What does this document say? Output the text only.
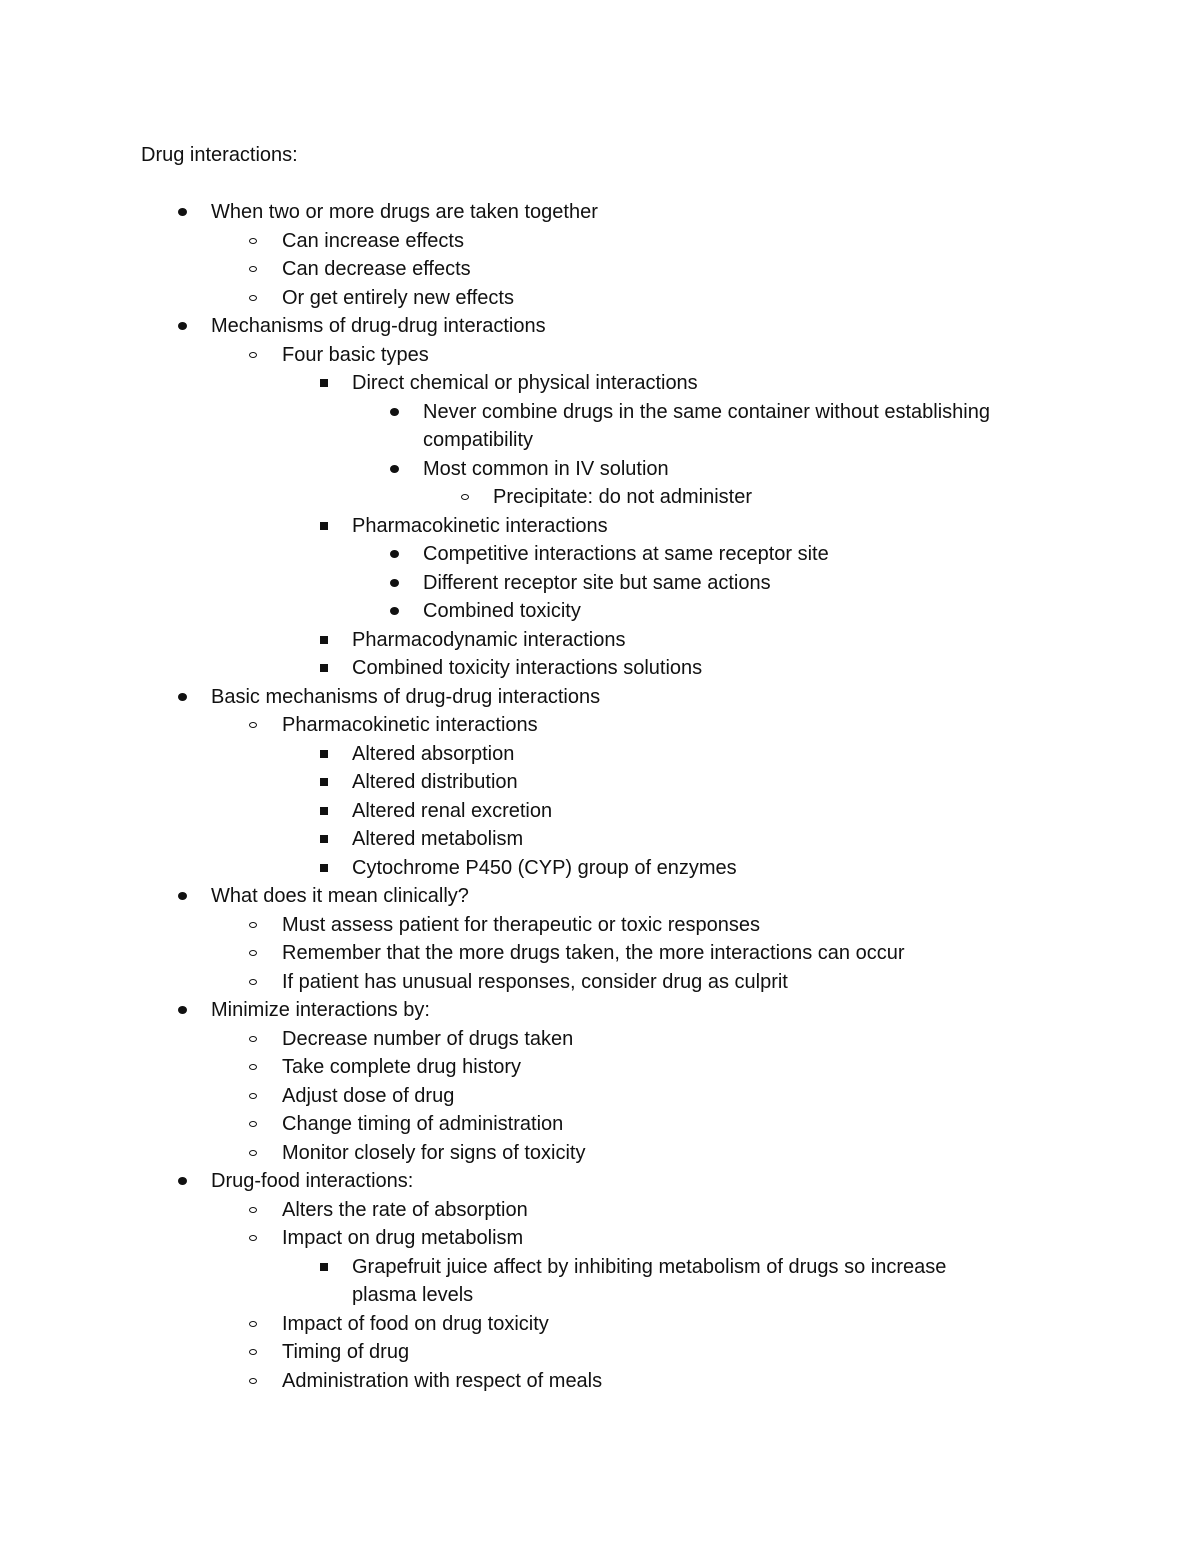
Drug interactions:
When two or more drugs are taken together
Can increase effects
Can decrease effects
Or get entirely new effects
Mechanisms of drug-drug interactions
Four basic types
Direct chemical or physical interactions
Never combine drugs in the same container without establishing
compatibility
Most common in IV solution
Precipitate: do not administer
Pharmacokinetic interactions
Competitive interactions at same receptor site
Different receptor site but same actions
Combined toxicity
Pharmacodynamic interactions
Combined toxicity interactions solutions
Basic mechanisms of drug-drug interactions
Pharmacokinetic interactions
Altered absorption
Altered distribution
Altered renal excretion
Altered metabolism
Cytochrome P450 (CYP) group of enzymes
What does it mean clinically?
Must assess patient for therapeutic or toxic responses
Remember that the more drugs taken, the more interactions can occur
If patient has unusual responses, consider drug as culprit
Minimize interactions by:
Decrease number of drugs taken
Take complete drug history
Adjust dose of drug
Change timing of administration
Monitor closely for signs of toxicity
Drug-food interactions:
Alters the rate of absorption
Impact on drug metabolism
Grapefruit juice affect by inhibiting metabolism of drugs so increase
plasma levels
Impact of food on drug toxicity
Timing of drug
Administration with respect of meals
